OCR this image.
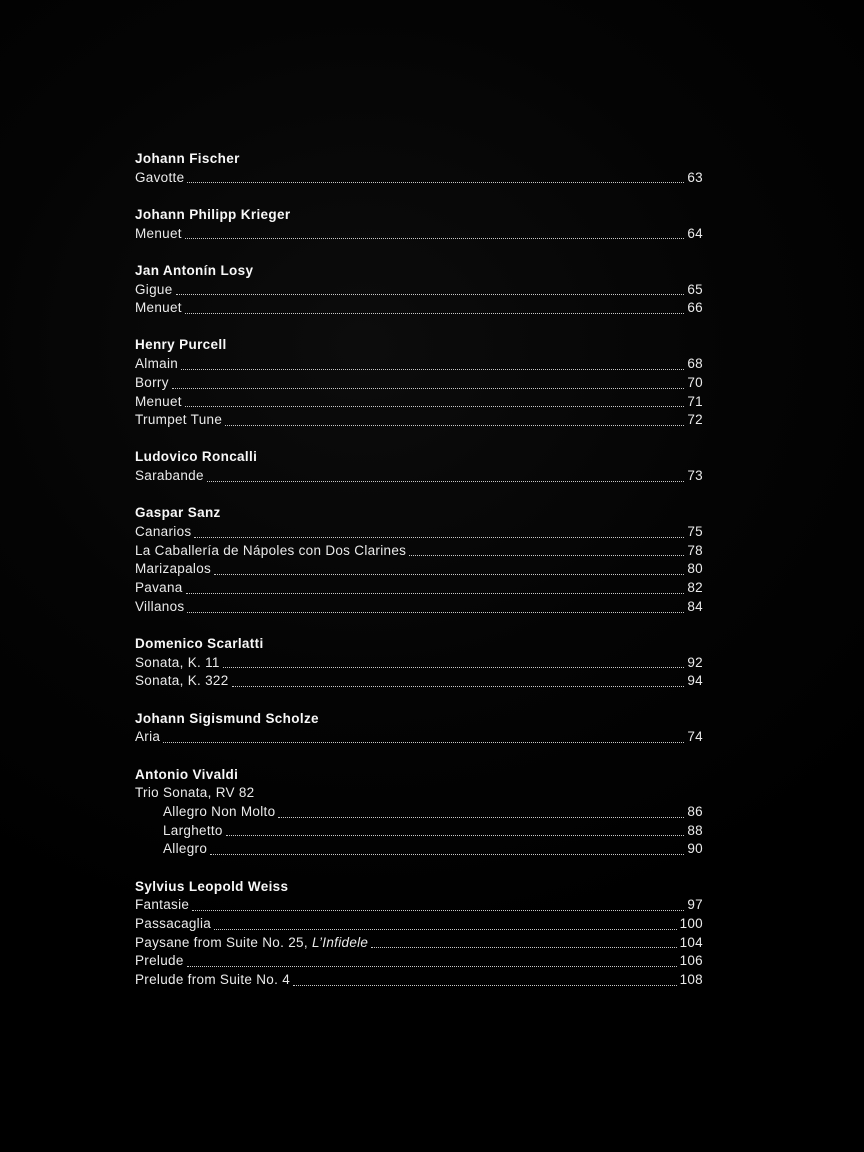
Johann Fischer
Gavotte	63
Johann Philipp Krieger
Menuet	64
Jan Antonín Losy
Gigue	65
Menuet	66
Henry Purcell
Almain	68
Borry	70
Menuet	71
Trumpet Tune	72
Ludovico Roncalli
Sarabande	73
Gaspar Sanz
Canarios	75
La Caballería de Nápoles con Dos Clarines	78
Marizapalos	80
Pavana	82
Villanos	84
Domenico Scarlatti
Sonata, K. 11	92
Sonata, K. 322	94
Johann Sigismund Scholze
Aria	74
Antonio Vivaldi
Trio Sonata, RV 82
Allegro Non Molto	86
Larghetto	88
Allegro	90
Sylvius Leopold Weiss
Fantasie	97
Passacaglia	100
Paysane from Suite No. 25, L’Infidele	104
Prelude	106
Prelude from Suite No. 4	108
